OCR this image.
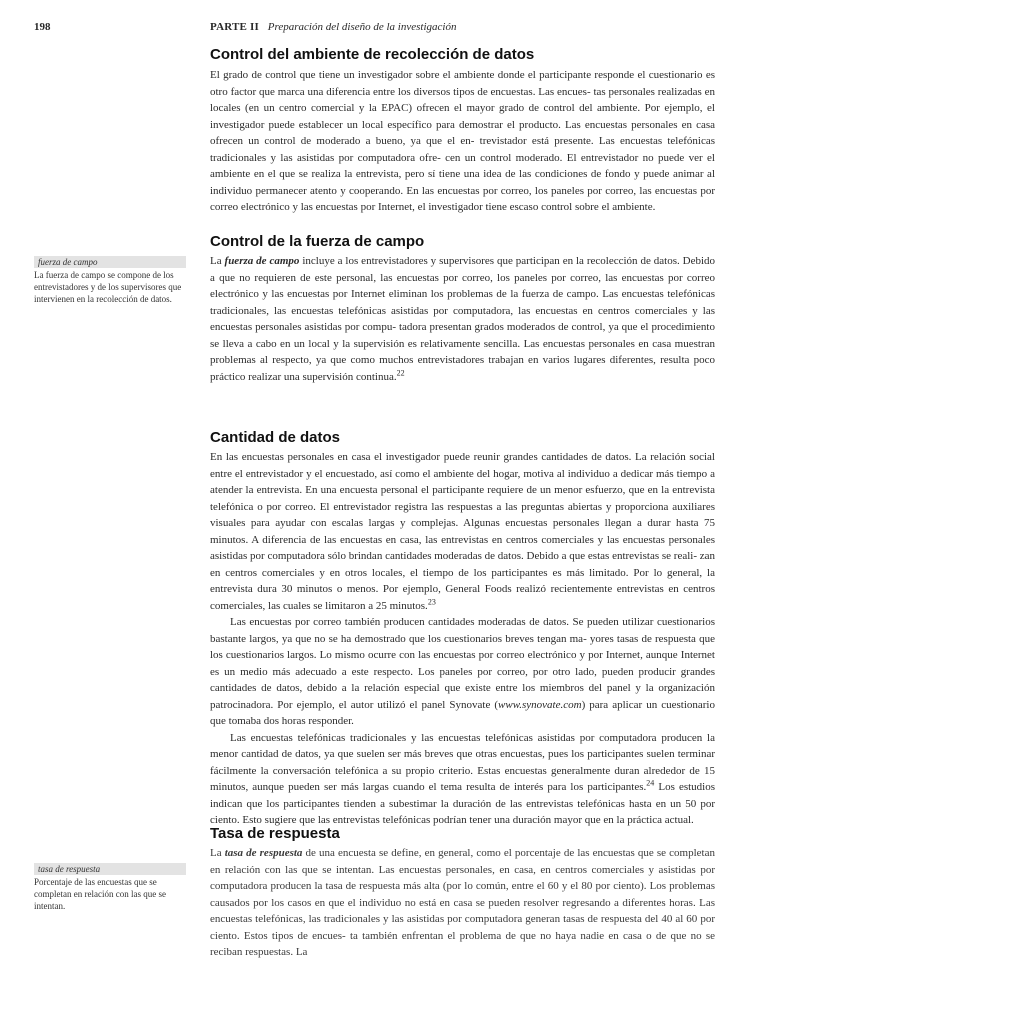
198	PARTE II Preparación del diseño de la investigación
fuerza de campo
La fuerza de campo se compone de los entrevistadores y de los supervisores que intervienen en la recolección de datos.
tasa de respuesta
Porcentaje de las encuestas que se completan en relación con las que se intentan.
Control del ambiente de recolección de datos

El grado de control que tiene un investigador sobre el ambiente donde el participante responde el cuestionario es otro factor que marca una diferencia entre los diversos tipos de encuestas. Las encues- tas personales realizadas en locales (en un centro comercial y la EPAC) ofrecen el mayor grado de control del ambiente. Por ejemplo, el investigador puede establecer un local específico para demostrar el producto. Las encuestas personales en casa ofrecen un control de moderado a bueno, ya que el en- trevistador está presente. Las encuestas telefónicas tradicionales y las asistidas por computadora ofre- cen un control moderado. El entrevistador no puede ver el ambiente en el que se realiza la entrevista, pero sí tiene una idea de las condiciones de fondo y puede animar al individuo permanecer atento y cooperando. En las encuestas por correo, los paneles por correo, las encuestas por correo electrónico y las encuestas por Internet, el investigador tiene escaso control sobre el ambiente.

Control de la fuerza de campo

La fuerza de campo incluye a los entrevistadores y supervisores que participan en la recolección de datos. Debido a que no requieren de este personal, las encuestas por correo, los paneles por correo, las encuestas por correo electrónico y las encuestas por Internet eliminan los problemas de la fuerza de campo. Las encuestas telefónicas tradicionales, las encuestas telefónicas asistidas por computadora, las encuestas en centros comerciales y las encuestas personales asistidas por compu- tadora presentan grados moderados de control, ya que el procedimiento se lleva a cabo en un local y la supervisión es relativamente sencilla. Las encuestas personales en casa muestran problemas al respecto, ya que como muchos entrevistadores trabajan en varios lugares diferentes, resulta poco práctico realizar una supervisión continua.$^{22}$

Cantidad de datos

En las encuestas personales en casa el investigador puede reunir grandes cantidades de datos. La relación social entre el entrevistador y el encuestado, así como el ambiente del hogar, motiva al individuo a dedicar más tiempo a atender la entrevista. En una encuesta personal el participante requiere de un menor esfuerzo, que en la entrevista telefónica o por correo. El entrevistador registra las respuestas a las preguntas abiertas y proporciona auxiliares visuales para ayudar con escalas largas y complejas. Algunas encuestas personales llegan a durar hasta 75 minutos. A diferencia de las encuestas en casa, las entrevistas en centros comerciales y las encuestas personales asistidas por computadora sólo brindan cantidades moderadas de datos. Debido a que estas entrevistas se reali- zan en centros comerciales y en otros locales, el tiempo de los participantes es más limitado. Por lo general, la entrevista dura 30 minutos o menos. Por ejemplo, General Foods realizó recientemente entrevistas en centros comerciales, las cuales se limitaron a 25 minutos.$^{23}$

Las encuestas por correo también producen cantidades moderadas de datos. Se pueden utilizar cuestionarios bastante largos, ya que no se ha demostrado que los cuestionarios breves tengan ma- yores tasas de respuesta que los cuestionarios largos. Lo mismo ocurre con las encuestas por correo electrónico y por Internet, aunque Internet es un medio más adecuado a este respecto. Los paneles por correo, por otro lado, pueden producir grandes cantidades de datos, debido a la relación especial que existe entre los miembros del panel y la organización patrocinadora. Por ejemplo, el autor utilizó el panel Synovate (www.synovate.com) para aplicar un cuestionario que tomaba dos horas responder.

Las encuestas telefónicas tradicionales y las encuestas telefónicas asistidas por computadora producen la menor cantidad de datos, ya que suelen ser más breves que otras encuestas, pues los participantes suelen terminar fácilmente la conversación telefónica a su propio criterio. Estas encuestas generalmente duran alrededor de 15 minutos, aunque pueden ser más largas cuando el tema resulta de interés para los participantes.$^{24}$ Los estudios indican que los participantes tienden a subestimar la duración de las entrevistas telefónicas hasta en un 50 por ciento. Esto sugiere que las entrevistas telefónicas podrían tener una duración mayor que en la práctica actual.

Tasa de respuesta

La tasa de respuesta de una encuesta se define, en general, como el porcentaje de las encuestas que se completan en relación con las que se intentan. Las encuestas personales, en casa, en centros comerciales y asistidas por computadora producen la tasa de respuesta más alta (por lo común, entre el 60 y el 80 por ciento). Los problemas causados por los casos en que el individuo no está en casa se pueden resolver regresando a diferentes horas. Las encuestas telefónicas, las tradicionales y las asistidas por computadora generan tasas de respuesta del 40 al 60 por ciento. Estos tipos de encues- ta también enfrentan el problema de que no haya nadie en casa o de que no se reciban respuestas. La
